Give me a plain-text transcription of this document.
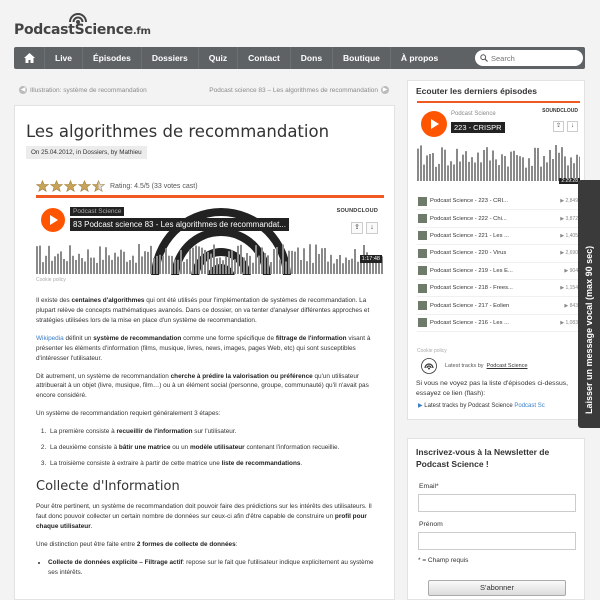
PodcastScience.fm
Live	Épisodes	Dossiers	Quiz	Contact	Dons	Boutique	À propos
Search
◀ Illustration: système de recommandation	Podcast science 83 – Les algorithmes de recommandation ▶
Les algorithmes de recommandation
On 25.04.2012, in Dossiers, by Mathieu
Rating: 4.5/5 (33 votes cast)
Podcast Science
83 Podcast science 83 - Les algorithmes de recommandat...
SOUNDCLOUD
⇪	↓
1:17:48
Cookie policy

Il existe des centaines d'algorithmes qui ont été utilisés pour l'implémentation de systèmes de recommandation. La plupart relève de concepts mathématiques avancés. Dans ce dossier, on va tenter d'analyser différentes approches et stratégies utilisées lors de la mise en place d'un système de recommandation.

Wikipedia définit un système de recommandation comme une forme spécifique de filtrage de l'information visant à présenter les éléments d'information (films, musique, livres, news, images, pages Web, etc) qui sont susceptibles d'intéresser l'utilisateur.

Dit autrement, un système de recommandation cherche à prédire la valorisation ou préférence qu'un utilisateur attribuerait à un objet (livre, musique, film…) ou à un élément social (personne, groupe, communauté) qu'il n'avait pas encore considéré.

Un système de recommandation requiert généralement 3 étapes:

1. La première consiste à recueillir de l'information sur l'utilisateur.
2. La deuxième consiste à bâtir une matrice ou un modèle utilisateur contenant l'information recueillie.
3. La troisième consiste à extraire à partir de cette matrice une liste de recommandations.
Collecte d'Information

Pour être pertinent, un système de recommandation doit pouvoir faire des prédictions sur les intérêts des utilisateurs. Il faut donc pouvoir collecter un certain nombre de données sur ceux-ci afin d'être capable de construire un profil pour chaque utilisateur.

Une distinction peut être faite entre 2 formes de collecte de données:

• Collecte de données explicite – Filtrage actif: repose sur le fait que l'utilisateur indique explicitement au système ses intérêts.
Ecouter les derniers épisodes
Podcast Science
223 - CRISPR
SOUNDCLOUD
⇪	↓
2:29:28
Podcast Science - 223 - CRI...	▶ 2,849
Podcast Science - 222 - Chi...	▶ 3,872
Podcast Science - 221 - Les ...	▶ 1,405
Podcast Science - 220 - Virus	▶ 2,690
Podcast Science - 219 - Les E...	▶ 904
Podcast Science - 218 - Frees...	▶ 1,154
Podcast Science - 217 - Eolien	▶ 843
Podcast Science - 216 - Les ...	▶ 1,083
Latest tracks by Podcast Science
Cookie policy
Si vous ne voyez pas la liste d'épisodes ci-dessus, essayez ce lien (flash):
▶ Latest tracks by Podcast Science Podcast Sc
Inscrivez-vous à la Newsletter de Podcast Science !
Email*
Prénom
* = Champ requis
S'abonner
Laisser un message vocal (max 90 sec)
